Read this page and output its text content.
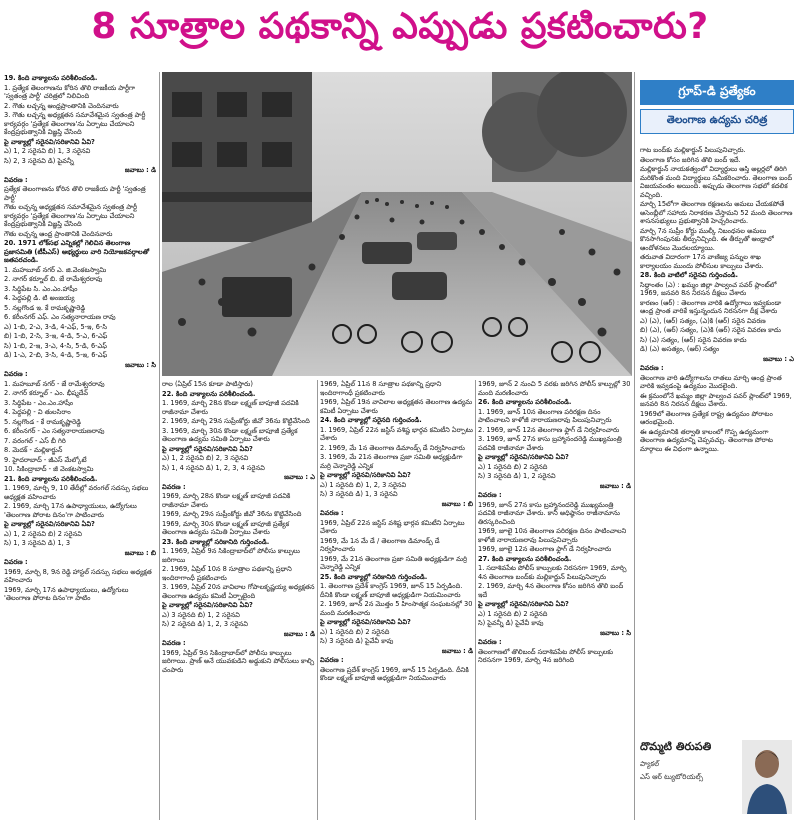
8 సూత్రాల పథకాన్ని ఎప్పుడు ప్రకటించారు?

19. కింది వాక్యాలను పరిశీలించండి.

1. ప్రత్యేక తెలంగాణను కోరిన తొలి రాజకీయ పార్టీగా 'స్వతంత్ర పార్టీ' చరిత్రలో నిలిచింది

2. గౌతు లచ్చన్న ఆంధ్రప్రాంతానికి చెందినవారు

3. గౌతు లచ్చన్న అధ్యక్షతన సమావేశమైన స్వతంత్ర పార్టీ కార్యవర్గం 'ప్రత్యేక తెలంగాణ'ను ఏర్పాటు చేయాలని కేంద్రప్రభుత్వానికి విజ్ఞప్తి చేసింది

పై వాక్యాల్లో సరైనవి/సరికానివి ఏవి?

ఎ) 1, 2 సరైనవి బి) 1, 3 సరైనవి

సి) 2, 3 సరైనవి డి) పైవన్నీ

జవాబు : డి

వివరణ :

ప్రత్యేక తెలంగాణను కోరిన తొలి రాజకీయ పార్టీ 'స్వతంత్ర పార్టీ'

గౌతు లచ్చన్న అధ్యక్షతన సమావేశమైన స్వతంత్ర పార్టీ కార్యవర్గం 'ప్రత్యేక తెలంగాణ'ను ఏర్పాటు చేయాలని కేంద్రప్రభుత్వానికి విజ్ఞప్తి చేసింది

గౌతు లచ్చన్న ఆంధ్ర ప్రాంతానికి చెందినవారు

20. 1971 లోక్‌సభ ఎన్నికల్లో గెలిచిన తెలంగాణ ప్రజాసమితి (టీపీఎస్) అభ్యర్థులు వారి నియోజకవర్గాలతో జతపరచండి.

1. మహబూబ్ నగర్ ఎ. జి.వెంకటస్వామి

2. నాగర్ కర్నూల్ బి. జే రామేశ్వరరావు

3. సిద్ధిపేట సి. ఎం.ఎం.హాషీం

4. పెద్దపల్లి డి. టి అంజయ్య

5. నల్లగొండ ఇ. కే రామకృష్ణారెడ్డి

6. కరీంనగర్ ఎఫ్. ఎం సత్యనారాయణ రావు

ఎ) 1-బి, 2-ఎ, 3-డి, 4-ఎఫ్, 5-ఇ, 6-సి

బి) 1-బి, 2-సి, 3-ఇ, 4-డి, 5-ఎ, 6-ఎఫ్

సి) 1-బి, 2-ఇ, 3-ఎ, 4-సి, 5-డి, 6-ఎఫ్

డి) 1-ఎ, 2-బి, 3-సి, 4-డి, 5-ఇ, 6-ఎఫ్

జవాబు : సి

వివరణ :

1. మహబూబ్ నగర్ - జే రామేశ్వరరావు

2. నాగర్ కర్నూల్ - ఎం. భీష్మదేవ్

3. సిద్ధిపేట - ఎం.ఎం.హాషీం

4. పెద్దపల్లి - వి తులసిరాం

5. నల్లగొండ - కే రామకృష్ణారెడ్డి

6. కరీంనగర్ - ఎం సత్యనారాయణరావు

7. వరంగల్ - ఎస్ బీ గిరి

8. మెదక్ - మల్లికార్జున్

9. హైదరాబాద్ - జీఎస్ మేల్కోటే

10. సికింద్రాబాద్ - జీ వెంకటస్వామి

21. కింది వాక్యాలను పరిశీలించండి.

1. 1969, మార్చి 9, 10 తేదీల్లో వరంగల్ సదస్సు సభలు అధ్యక్షత వహించారు

2. 1969, మార్చి 17న ఉపాధ్యాయులు, ఉద్యోగులు 'తెలంగాణ పోరాట దినం'గా పాటించారు

పై వాక్యాల్లో సరైనవి/సరికానివి ఏవి?

ఎ) 1, 2 సరైనవి బి) 2 సరైనవి

సి) 1, 3 సరైనవి డి) 1, 3

జవాబు : బి

వివరణ :

1969, మార్చి 8, 9న రెడ్డి హాస్టల్ సదస్సు సభలు అధ్యక్షత వహించారు

1969, మార్చి 17న ఉపాధ్యాయులు, ఉద్యోగులు 'తెలంగాణ పోరాట దినం'గా పాటిం

రాల (ఏప్రిల్ 15న కూడా పాటిస్తారు)

22. కింది వాక్యాలను పరిశీలించండి.

1. 1969, మార్చి 28న కొండా లక్ష్మణ్ బాపూజీ పదవికి రాజీనామా చేశారు

2. 1969, మార్చి 29న సుప్రీంకోర్టు జీవో 36ను కొట్టివేసింది

3. 1969, మార్చి 30న కొండా లక్ష్మణ్ బాపూజీ ప్రత్యేక తెలంగాణ ఉద్యమ సమితి ఏర్పాటు చేశారు

పై వాక్యాల్లో సరైనవి/సరికానివి ఏవి?

ఎ) 1, 2 సరైనవి బి) 2, 3 సరైనవి

సి) 1, 4 సరైనవి డి) 1, 2, 3, 4 సరైనవి

జవాబు : ఎ

వివరణ :

1969, మార్చి 28న కొండా లక్ష్మణ్ బాపూజీ పదవికి రాజీనామా చేశారు

1969, మార్చి 29న సుప్రీంకోర్టు జీవో 36ను కొట్టివేసింది

1969, మార్చి 30న కొండా లక్ష్మణ్ బాపూజీ ప్రత్యేక తెలంగాణ ఉద్యమ సమితి ఏర్పాటు చేశారు

23. కింది వాక్యాల్లో సరికానిది గుర్తించండి.

1. 1969, ఏప్రిల్ 9న సికింద్రాబాద్‌లో పోలీసు కాల్పులు జరిగాయి

2. 1969, ఏప్రిల్ 10న 8 సూత్రాల పథకాన్ని ప్రధాని ఇందిరాగాంధీ ప్రకటించారు

3. 1969, ఏప్రిల్ 20న వావిలాల గోపాలకృష్ణయ్య అధ్యక్షతన తెలంగాణ ఉద్యమ కమిటీ ఏర్పాటైంది

పై వాక్యాల్లో సరైనవి/సరికానివి ఏవి?

ఎ) 3 సరైనది బి) 1, 2 సరైనవి

సి) 2 సరైనది డి) 1, 2, 3 సరైనవి

జవాబు : డి

వివరణ :

1969, ఏప్రిల్ 9న సికింద్రాబాద్‌లో పోలీసు కాల్పులు జరిగాయి. ప్రాణ్ అనే యువకుడిని అడ్డుకుని పోలీసులు కాల్చి చంపారు

1969, ఏప్రిల్ 11న 8 సూత్రాల పథకాన్ని ప్రధాని ఇందిరాగాంధీ ప్రకటించారు

1969, ఏప్రిల్ 19న వావిలాల అధ్యక్షతన తెలంగాణ ఉద్యమ కమిటీ ఏర్పాటు చేశారు

24. కింది వాక్యాల్లో సరైనది గుర్తించండి.

1. 1969, ఏప్రిల్ 22న జస్టిస్ వశిష్ట భార్గవ కమిటీని ఏర్పాటు చేశారు

2. 1969, మే 1న తెలంగాణ డిమాండ్స్ డే నిర్వహించారు

3. 1969, మే 21న తెలంగాణ ప్రజా సమితి అధ్యక్షుడిగా మర్రి చెన్నారెడ్డి ఎన్నిక

పై వాక్యాల్లో సరైనవి/సరికానివి ఏవి?

ఎ) 1 సరైనది బి) 1, 2, 3 సరైనవి

సి) 3 సరైనది డి) 1, 3 సరైనవి

జవాబు : బి

వివరణ :

1969, ఏప్రిల్ 22న జస్టిస్ వశిష్ట భార్గవ కమిటీని ఏర్పాటు చేశారు

1969, మే 1న మే డే / తెలంగాణ డిమాండ్స్ డే నిర్వహించారు

1969, మే 21న తెలంగాణ ప్రజా సమితి అధ్యక్షుడిగా మర్రి చెన్నారెడ్డి ఎన్నిక

25. కింది వాక్యాల్లో సరికానిది గుర్తించండి.

1. తెలంగాణ ప్రదేశ్ కాంగ్రెస్ 1969, జూన్ 15 ఏర్పడింది. దీనికి కొండా లక్ష్మణ్ బాపూజీ అధ్యక్షుడిగా నియమించారు

2. 1969, జూన్ 2న మొత్తం 5 హింసాత్మక సంఘటనల్లో 30 మంది మరణించారు

పై వాక్యాల్లో సరైనవి/సరికానివి ఏవి?

ఎ) 1 సరైనది బి) 2 సరైనది

సి) 3 సరైనది డి) పైవేవీ కావు

జవాబు : డి

వివరణ :

తెలంగాణ ప్రదేశ్ కాంగ్రెస్ 1969, జూన్ 15 ఏర్పడింది. దీనికి కొండా లక్ష్మణ్ బాపూజీ అధ్యక్షుడిగా నియమించారు

1969, జూన్ 2 నుంచి 5 వరకు జరిగిన పోలీస్ కాల్పుల్లో 30 మంది మరణించారు

26. కింది వాక్యాలను పరిశీలించండి.

1. 1969, జూన్ 10న తెలంగాణ పరిరక్షణ దినం పాటించాలని కాళోజీ నారాయణరావు పిలుపునిచ్చారు

2. 1969, జూన్ 12న తెలంగాణ ఫ్లాగ్ డే నిర్వహించారు

3. 1969, జూన్ 27న కాసు బ్రహ్మానందరెడ్డి ముఖ్యమంత్రి పదవికి రాజీనామా చేశారు

పై వాక్యాల్లో సరైనవి/సరికానివి ఏవి?

ఎ) 1 సరైనది బి) 2 సరైనది

సి) 3 సరైనది డి) 1, 2 సరైనవి

జవాబు : డి

వివరణ :

1969, జూన్ 27న కాసు బ్రహ్మానందరెడ్డి ముఖ్యమంత్రి పదవికి రాజీనామా చేశారు. కానీ అధిష్ఠానం రాజీనామాను తిరస్కరించింది

1969, జూలై 10న తెలంగాణ పరిరక్షణ దినం పాటించాలని కాళోజీ నారాయణరావు పిలుపునిచ్చారు

1969, జూలై 12న తెలంగాణ ఫ్లాగ్ డే నిర్వహించారు

27. కింది వాక్యాలను పరిశీలించండి.

1. సదాశివపేట పోలీస్ కాల్పులకు నిరసనగా 1969, మార్చి 4న తెలంగాణ బంద్‌కు మల్లికార్జున్ పిలుపునిచ్చారు

2. 1969, మార్చి 4న తెలంగాణ కోసం జరిగిన తొలి బంద్ ఇదే

పై వాక్యాల్లో సరైనవి/సరికానివి ఏవి?

ఎ) 1 సరైనది బి) 2 సరైనది

సి) పైవన్నీ డి) పైవేవీ కావు

జవాబు : సి

వివరణ :

తెలంగాణలో తొలిబంద్ సదాశివపేట పోలీస్ కాల్పులకు నిరసనగా 1969, మార్చి 4న జరిగింది

గ్రూప్-డి ప్రత్యేకం
తెలంగాణ ఉద్యమ చరిత్ర

గాట బంద్‌కు మల్లికార్జున్ పిలుపునిచ్చారు.

తెలంగాణ కోసం జరిగిన తొలి బంద్ ఇదే.

మల్లికార్జున్ నాయకత్వంలో విద్యార్థులు ఆస్తి అల్లర్లలో తిరిగి మరికొంత మంది విద్యార్థులు సమీకరించారు. తెలంగాణ బంద్ విజయవంతం అయింది. అప్పుడు తెలంగాణ సభలో కదలిక వచ్చింది.

మార్చి 15లోగా తెలంగాణ రక్షణలను అమలు చేయకపోతే అసెంబ్లీలో సహాయ నిరాకరణ చేస్తామని 52 మంది తెలంగాణ శాసనసభ్యులు ప్రభుత్వానికి హెచ్చరించారు.

మార్చి 7న సుప్రీం కోర్టు ముల్కీ నిబంధనల అమలు కొనసాగింపునకు తీర్పునిచ్చింది. ఈ తీర్పుతో ఆంధ్రాలో ఆందోళనలు మొదలయ్యాయి.

తరువాత విదారంగా 17న వాణిజ్య పన్నుల శాఖ కార్యాలయం ముందు పోలీసుల కాల్పులు చేశారు.

28. కింది వాటిలో సరైనవి గుర్తించండి.

సిద్ధాంతం (ఎ) : ఖమ్మం జిల్లా పాల్వంచ పవర్ ప్లాంట్‌లో 1969, జనవరి 8న నిరసన దీక్షలు చేశారు

కారణం (ఆర్) : తెలంగాణ వారికి ఉద్యోగాలు ఇవ్వకుండా ఆంధ్ర ప్రాంత వారికే ఇస్తున్నందున నిరసనగా దీక్ష చేశారు

ఎ) (ఎ), (ఆర్) సత్యం, (ఎ)కి (ఆర్) సరైన వివరణ

బి) (ఎ), (ఆర్) సత్యం, (ఎ)కి (ఆర్) సరైన వివరణ కాదు

సి) (ఎ) సత్యం, (ఆర్) సరైన వివరణ కాదు

డి) (ఎ) అసత్యం, (ఆర్) సత్యం

జవాబు : ఎ

వివరణ :

తెలంగాణ వారి ఉద్యోగాలను రాతలు మార్చి ఆంధ్ర ప్రాంత వారికి ఇవ్వడంపై ఉద్యమం మొదలైంది.

ఈ క్రమంలోనే ఖమ్మం జిల్లా పాల్వంచ పవర్ ప్లాంట్‌లో 1969, జనవరి 8న నిరసన దీక్షలు చేశారు.

1969లో తెలంగాణ ప్రత్యేక రాష్ట్ర ఉద్యమం పోరాటం ఆరంభమైంది.

ఈ ఉద్యమానికి తర్వాతి కాలంలో గొప్ప ఉద్యమంగా తెలంగాణ ఉద్యమాన్ని చెప్పవచ్చు. తెలంగాణ పోరాట మార్గాలు ఈ విధంగా ఉన్నాయి.

దొమ్మటి తిరుపతి
ప్యాకల్
ఎస్ ఆర్ ట్యుటోరియల్స్
